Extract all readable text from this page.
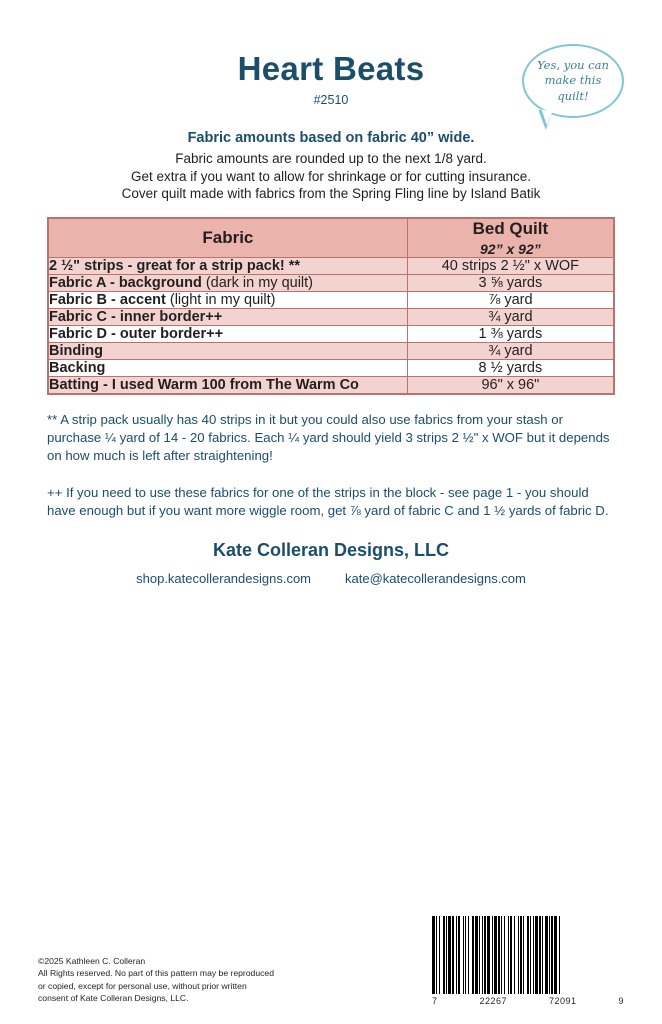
Heart Beats
#2510
Yes, you can
make this quilt!
Fabric amounts based on fabric 40” wide.
Fabric amounts are rounded up to the next 1/8 yard.
Get extra if you want to allow for shrinkage or for cutting insurance.
Cover quilt made with fabrics from the Spring Fling line by Island Batik
Fabric	Bed Quilt
92” x 92”

2 ½" strips - great for a strip pack! **	40 strips 2 ½" x WOF
Fabric A - background (dark in my quilt)	3 ⅝ yards
Fabric B - accent (light in my quilt)	⅞ yard
Fabric C - inner border++	¾ yard
Fabric D - outer border++	1 ⅜ yards
Binding	¾ yard
Backing	8 ½ yards
Batting - I used Warm 100 from The Warm Co	96" x 96"

** A strip pack usually has 40 strips in it but you could also use fabrics from your stash or purchase ¼ yard of 14 - 20 fabrics. Each ¼ yard should yield 3 strips 2 ½" x WOF but it depends on how much is left after straightening!

++ If you need to use these fabrics for one of the strips in the block - see page 1 - you should have enough but if you want more wiggle room, get ⅞ yard of fabric C and 1 ½ yards of fabric D.

Kate Colleran Designs, LLC
shop.katecollerandesigns.com	kate@katecollerandesigns.com
©2025 Kathleen C. Colleran
All Rights reserved. No part of this pattern may be reproduced
or copied, except for personal use, without prior written
consent of Kate Colleran Designs, LLC.	7	22267	72091	9
